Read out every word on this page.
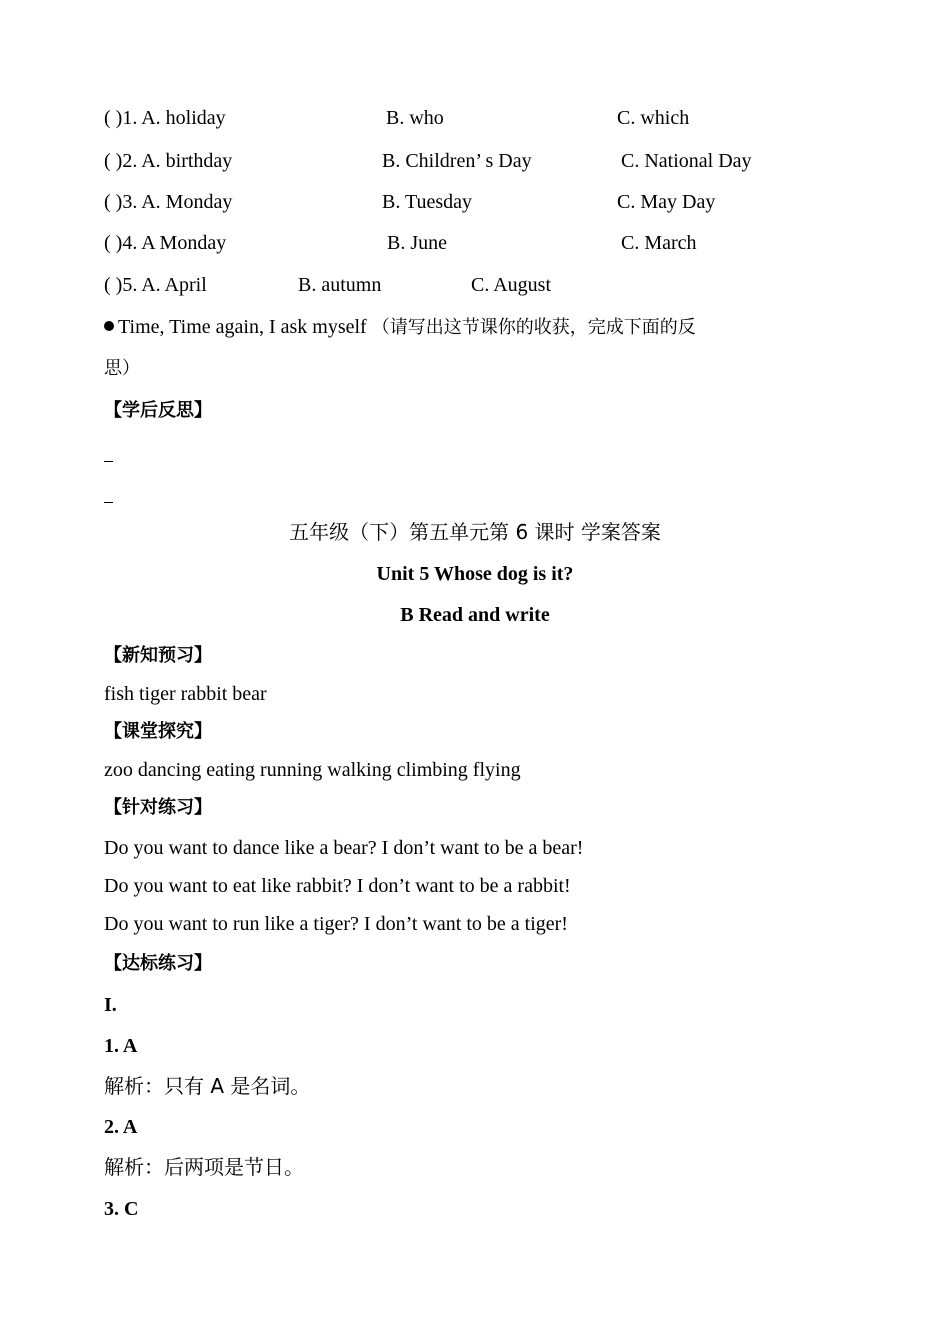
( )1. A. holiday	B. who	C. which
( )2. A. birthday	B. Children’ s Day	C. National Day
( )3. A. Monday	B. Tuesday	C. May Day
( )4. A Monday	B. June	C. March
( )5. A. April	B. autumn	C. August
Time, Time again, I ask myself （请写出这节课你的收获，完成下面的反
思）
【学后反思】
五年级（下）第五单元第 6 课时 学案答案
Unit 5 Whose dog is it?
B Read and write
【新知预习】
fish tiger rabbit bear
【课堂探究】
zoo dancing eating running walking climbing flying
【针对练习】
Do you want to dance like a bear? I don’t want to be a bear!
Do you want to eat like rabbit? I don’t want to be a rabbit!
Do you want to run like a tiger? I don’t want to be a tiger!
【达标练习】
I.
1. A
解析：只有 A 是名词。
2. A
解析：后两项是节日。
3. C
